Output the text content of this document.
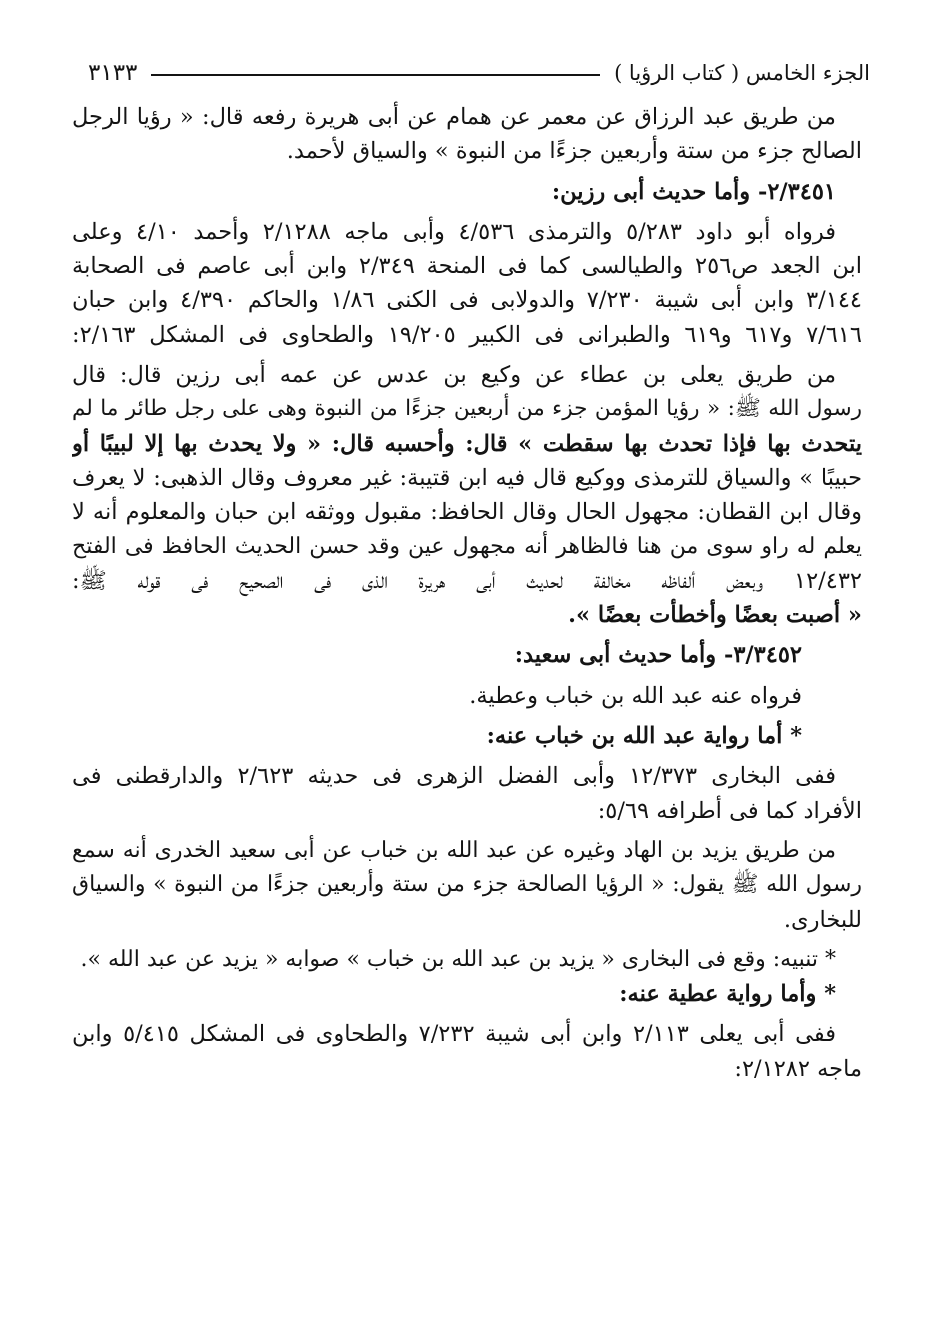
الجزء الخامس ( كتاب الرؤيا )
٣١٣٣
من طريق عبد الرزاق عن معمر عن همام عن أبى هريرة رفعه قال: « رؤيا الرجل
الصالح جزء من ستة وأربعين جزءًا من النبوة » والسياق لأحمد.
٢/٣٤٥١- وأما حديث أبى رزين:
فرواه أبو داود ٥/٢٨٣ والترمذى ٤/٥٣٦ وأبى ماجه ٢/١٢٨٨ وأحمد ٤/١٠ وعلى
ابن الجعد ص٢٥٦ والطيالسى كما فى المنحة ٢/٣٤٩ وابن أبى عاصم فى الصحابة
٣/١٤٤ وابن أبى شيبة ٧/٢٣٠ والدولابى فى الكنى ١/٨٦ والحاكم ٤/٣٩٠ وابن حبان
٧/٦١٦ و٦١٧ و٦١٩ والطبرانى فى الكبير ١٩/٢٠٥ والطحاوى فى المشكل ٢/١٦٣:
من طريق يعلى بن عطاء عن وكيع بن عدس عن عمه أبى رزين قال: قال
رسول الله ﷺ: « رؤيا المؤمن جزء من أربعين جزءًا من النبوة وهى على رجل طائر ما لم
يتحدث بها فإذا تحدث بها سقطت » قال: وأحسبه قال: « ولا يحدث بها إلا لبيبًا أو
حبيبًا » والسياق للترمذى ووكيع قال فيه ابن قتيبة: غير معروف وقال الذهبى: لا يعرف
وقال ابن القطان: مجهول الحال وقال الحافظ: مقبول ووثقه ابن حبان والمعلوم أنه لا
يعلم له راو سوى من هنا فالظاهر أنه مجهول عين وقد حسن الحديث الحافظ فى الفتح
١٢/٤٣٢ وبعض ألفاظه مخالفة لحديث أبى هريرة الذى فى الصحيح فى قوله ﷺ:
« أصبت بعضًا وأخطأت بعضًا ».
٣/٣٤٥٢- وأما حديث أبى سعيد:
فرواه عنه عبد الله بن خباب وعطية.
* أما رواية عبد الله بن خباب عنه:
ففى البخارى ١٢/٣٧٣ وأبى الفضل الزهرى فى حديثه ٢/٦٢٣ والدارقطنى فى
الأفراد كما فى أطرافه ٥/٦٩:
من طريق يزيد بن الهاد وغيره عن عبد الله بن خباب عن أبى سعيد الخدرى أنه سمع
رسول الله ﷺ يقول: « الرؤيا الصالحة جزء من ستة وأربعين جزءًا من النبوة » والسياق
للبخارى.
* تنبيه: وقع فى البخارى « يزيد بن عبد الله بن خباب » صوابه « يزيد عن عبد الله ».
* وأما رواية عطية عنه:
ففى أبى يعلى ٢/١١٣ وابن أبى شيبة ٧/٢٣٢ والطحاوى فى المشكل ٥/٤١٥ وابن
ماجه ٢/١٢٨٢:
